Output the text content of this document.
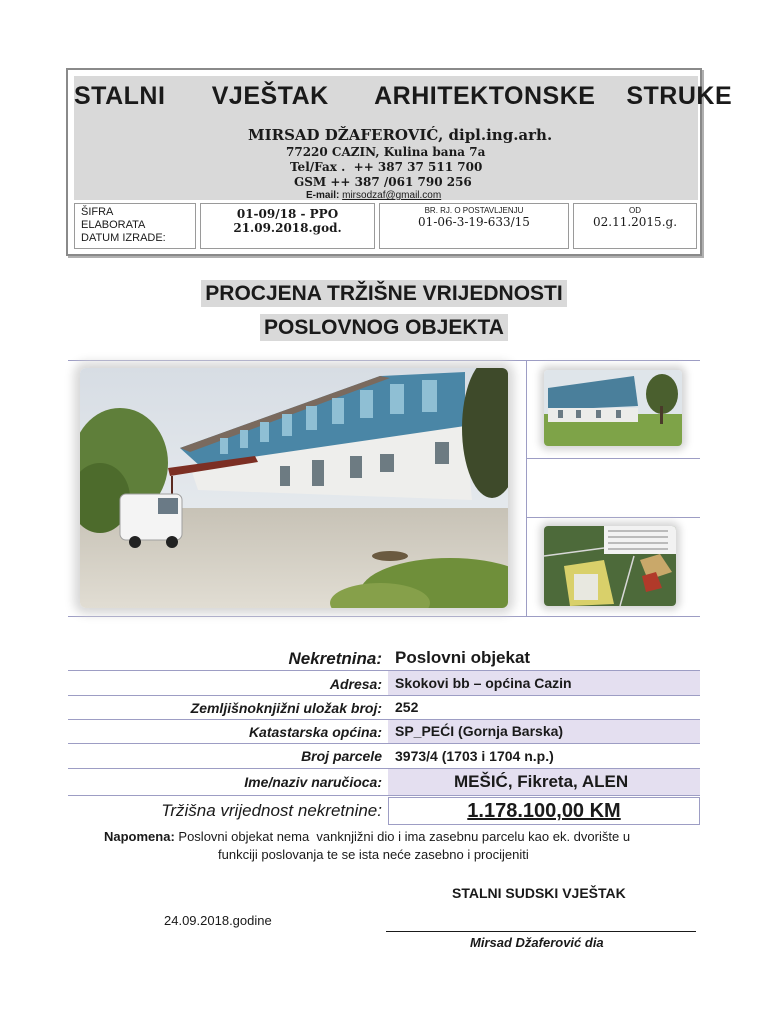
STALNI   VJEŠTAK   ARHITEKTONSKE  STRUKE
MIRSAD DŽAFEROVIĆ, dipl.ing.arh.
77220 CAZIN, Kulina bana 7a
Tel/Fax .  ++ 387 37 511 700
GSM ++ 387 /061 790 256
E-mail: mirsodzaf@gmail.com
ŠIFRA
ELABORATA
DATUM IZRADE:
01-09/18 - PPO
21.09.2018.god.
BR. RJ. O POSTAVLJENJU
01-06-3-19-633/15
OD
02.11.2015.g.
PROCJENA TRŽIŠNE VRIJEDNOSTI
POSLOVNOG OBJEKTA
Nekretnina: Poslovni objekat
Adresa: Skokovi bb – općina Cazin
Zemljišnoknjižni uložak broj: 252
Katastarska općina: SP_PEĆI (Gornja Barska)
Broj parcele 3973/4 (1703 i 1704 n.p.)
Ime/naziv naručioca:	MEŠIĆ, Fikreta, ALEN
Tržišna vrijednost nekretnine:	1.178.100,00 KM
Napomena: Poslovni objekat nema  vanknjižni dio i ima zasebnu parcelu kao ek. dvorište u
funkciji poslovanja te se ista neće zasebno i procijeniti
STALNI SUDSKI VJEŠTAK
24.09.2018.godine
Mirsad Džaferović dia
